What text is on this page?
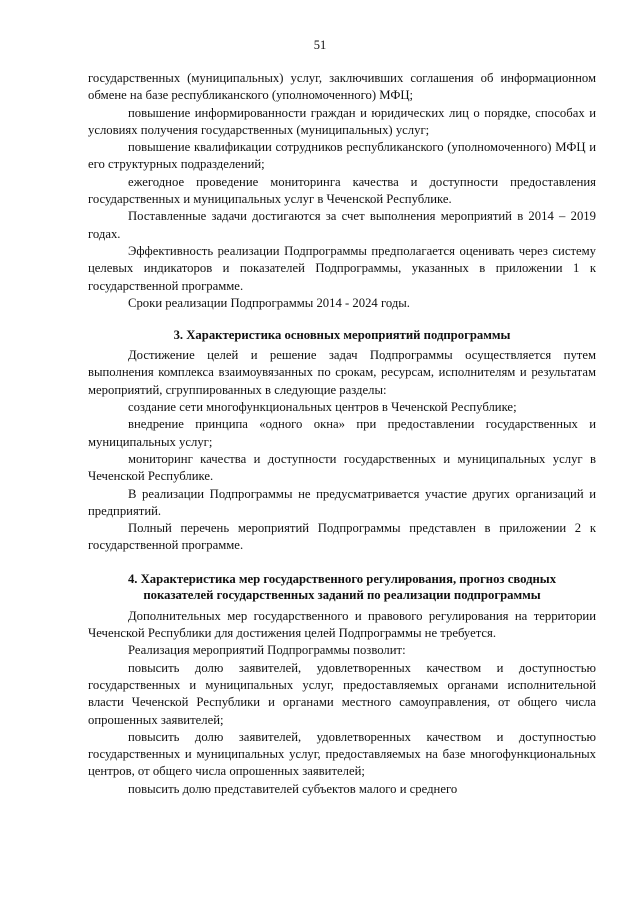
51

государственных (муниципальных) услуг, заключивших соглашения об информационном обмене на базе республиканского (уполномоченного) МФЦ;

повышение информированности граждан и юридических лиц о порядке, способах и условиях получения государственных (муниципальных) услуг;

повышение квалификации сотрудников республиканского (уполномоченного) МФЦ и его структурных подразделений;

ежегодное проведение мониторинга качества и доступности предоставления государственных и муниципальных услуг в Чеченской Республике.

Поставленные задачи достигаются за счет выполнения мероприятий в 2014 – 2019 годах.

Эффективность реализации Подпрограммы предполагается оценивать через систему целевых индикаторов и показателей Подпрограммы, указанных в приложении 1 к государственной программе.

Сроки реализации Подпрограммы 2014 - 2024 годы.

3. Характеристика основных мероприятий подпрограммы

Достижение целей и решение задач Подпрограммы осуществляется путем выполнения комплекса взаимоувязанных по срокам, ресурсам, исполнителям и результатам мероприятий, сгруппированных в следующие разделы:

создание сети многофункциональных центров в Чеченской Республике;

внедрение принципа «одного окна» при предоставлении государственных и муниципальных услуг;

мониторинг качества и доступности государственных и муниципальных услуг в Чеченской Республике.

В реализации Подпрограммы не предусматривается участие других организаций и предприятий.

Полный перечень мероприятий Подпрограммы представлен в приложении 2 к государственной программе.

4. Характеристика мер государственного регулирования, прогноз сводных
показателей государственных заданий по реализации подпрограммы

Дополнительных мер государственного и правового регулирования на территории Чеченской Республики для достижения целей Подпрограммы не требуется.

Реализация мероприятий Подпрограммы позволит:

повысить долю заявителей, удовлетворенных качеством и доступностью государственных и муниципальных услуг, предоставляемых органами исполнительной власти Чеченской Республики и органами местного самоуправления, от общего числа опрошенных заявителей;

повысить долю заявителей, удовлетворенных качеством и доступностью государственных и муниципальных услуг, предоставляемых на базе многофункциональных центров, от общего числа опрошенных заявителей;

повысить долю представителей субъектов малого и среднего
